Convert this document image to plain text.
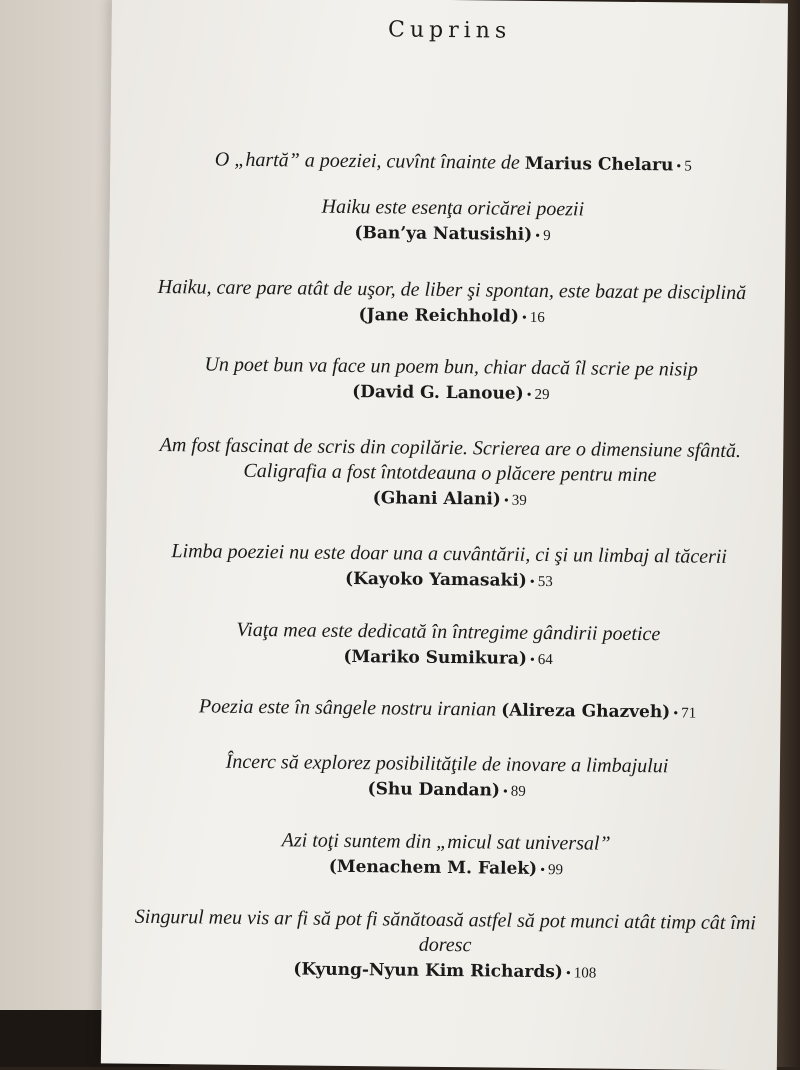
Cuprins
O „hartă” a poeziei, cuvînt înainte de Marius Chelaru • 5
Haiku este esenţa oricărei poezii
(Ban’ya Natusishi) • 9
Haiku, care pare atât de uşor, de liber şi spontan, este bazat pe disciplină (Jane Reichhold) • 16
Un poet bun va face un poem bun, chiar dacă îl scrie pe nisip
(David G. Lanoue) • 29
Am fost fascinat de scris din copilărie. Scrierea are o dimensiune sfântă. Caligrafia a fost întotdeauna o plăcere pentru mine
(Ghani Alani) • 39
Limba poeziei nu este doar una a cuvântării, ci şi un limbaj al tăcerii (Kayoko Yamasaki) • 53
Viaţa mea este dedicată în întregime gândirii poetice
(Mariko Sumikura) • 64
Poezia este în sângele nostru iranian (Alireza Ghazveh) • 71
Încerc să explorez posibilităţile de inovare a limbajului
(Shu Dandan) • 89
Azi toţi suntem din „micul sat universal”
(Menachem M. Falek) • 99
Singurul meu vis ar fi să pot fi sănătoasă astfel să pot munci atât timp cât îmi doresc
(Kyung-Nyun Kim Richards) • 108
